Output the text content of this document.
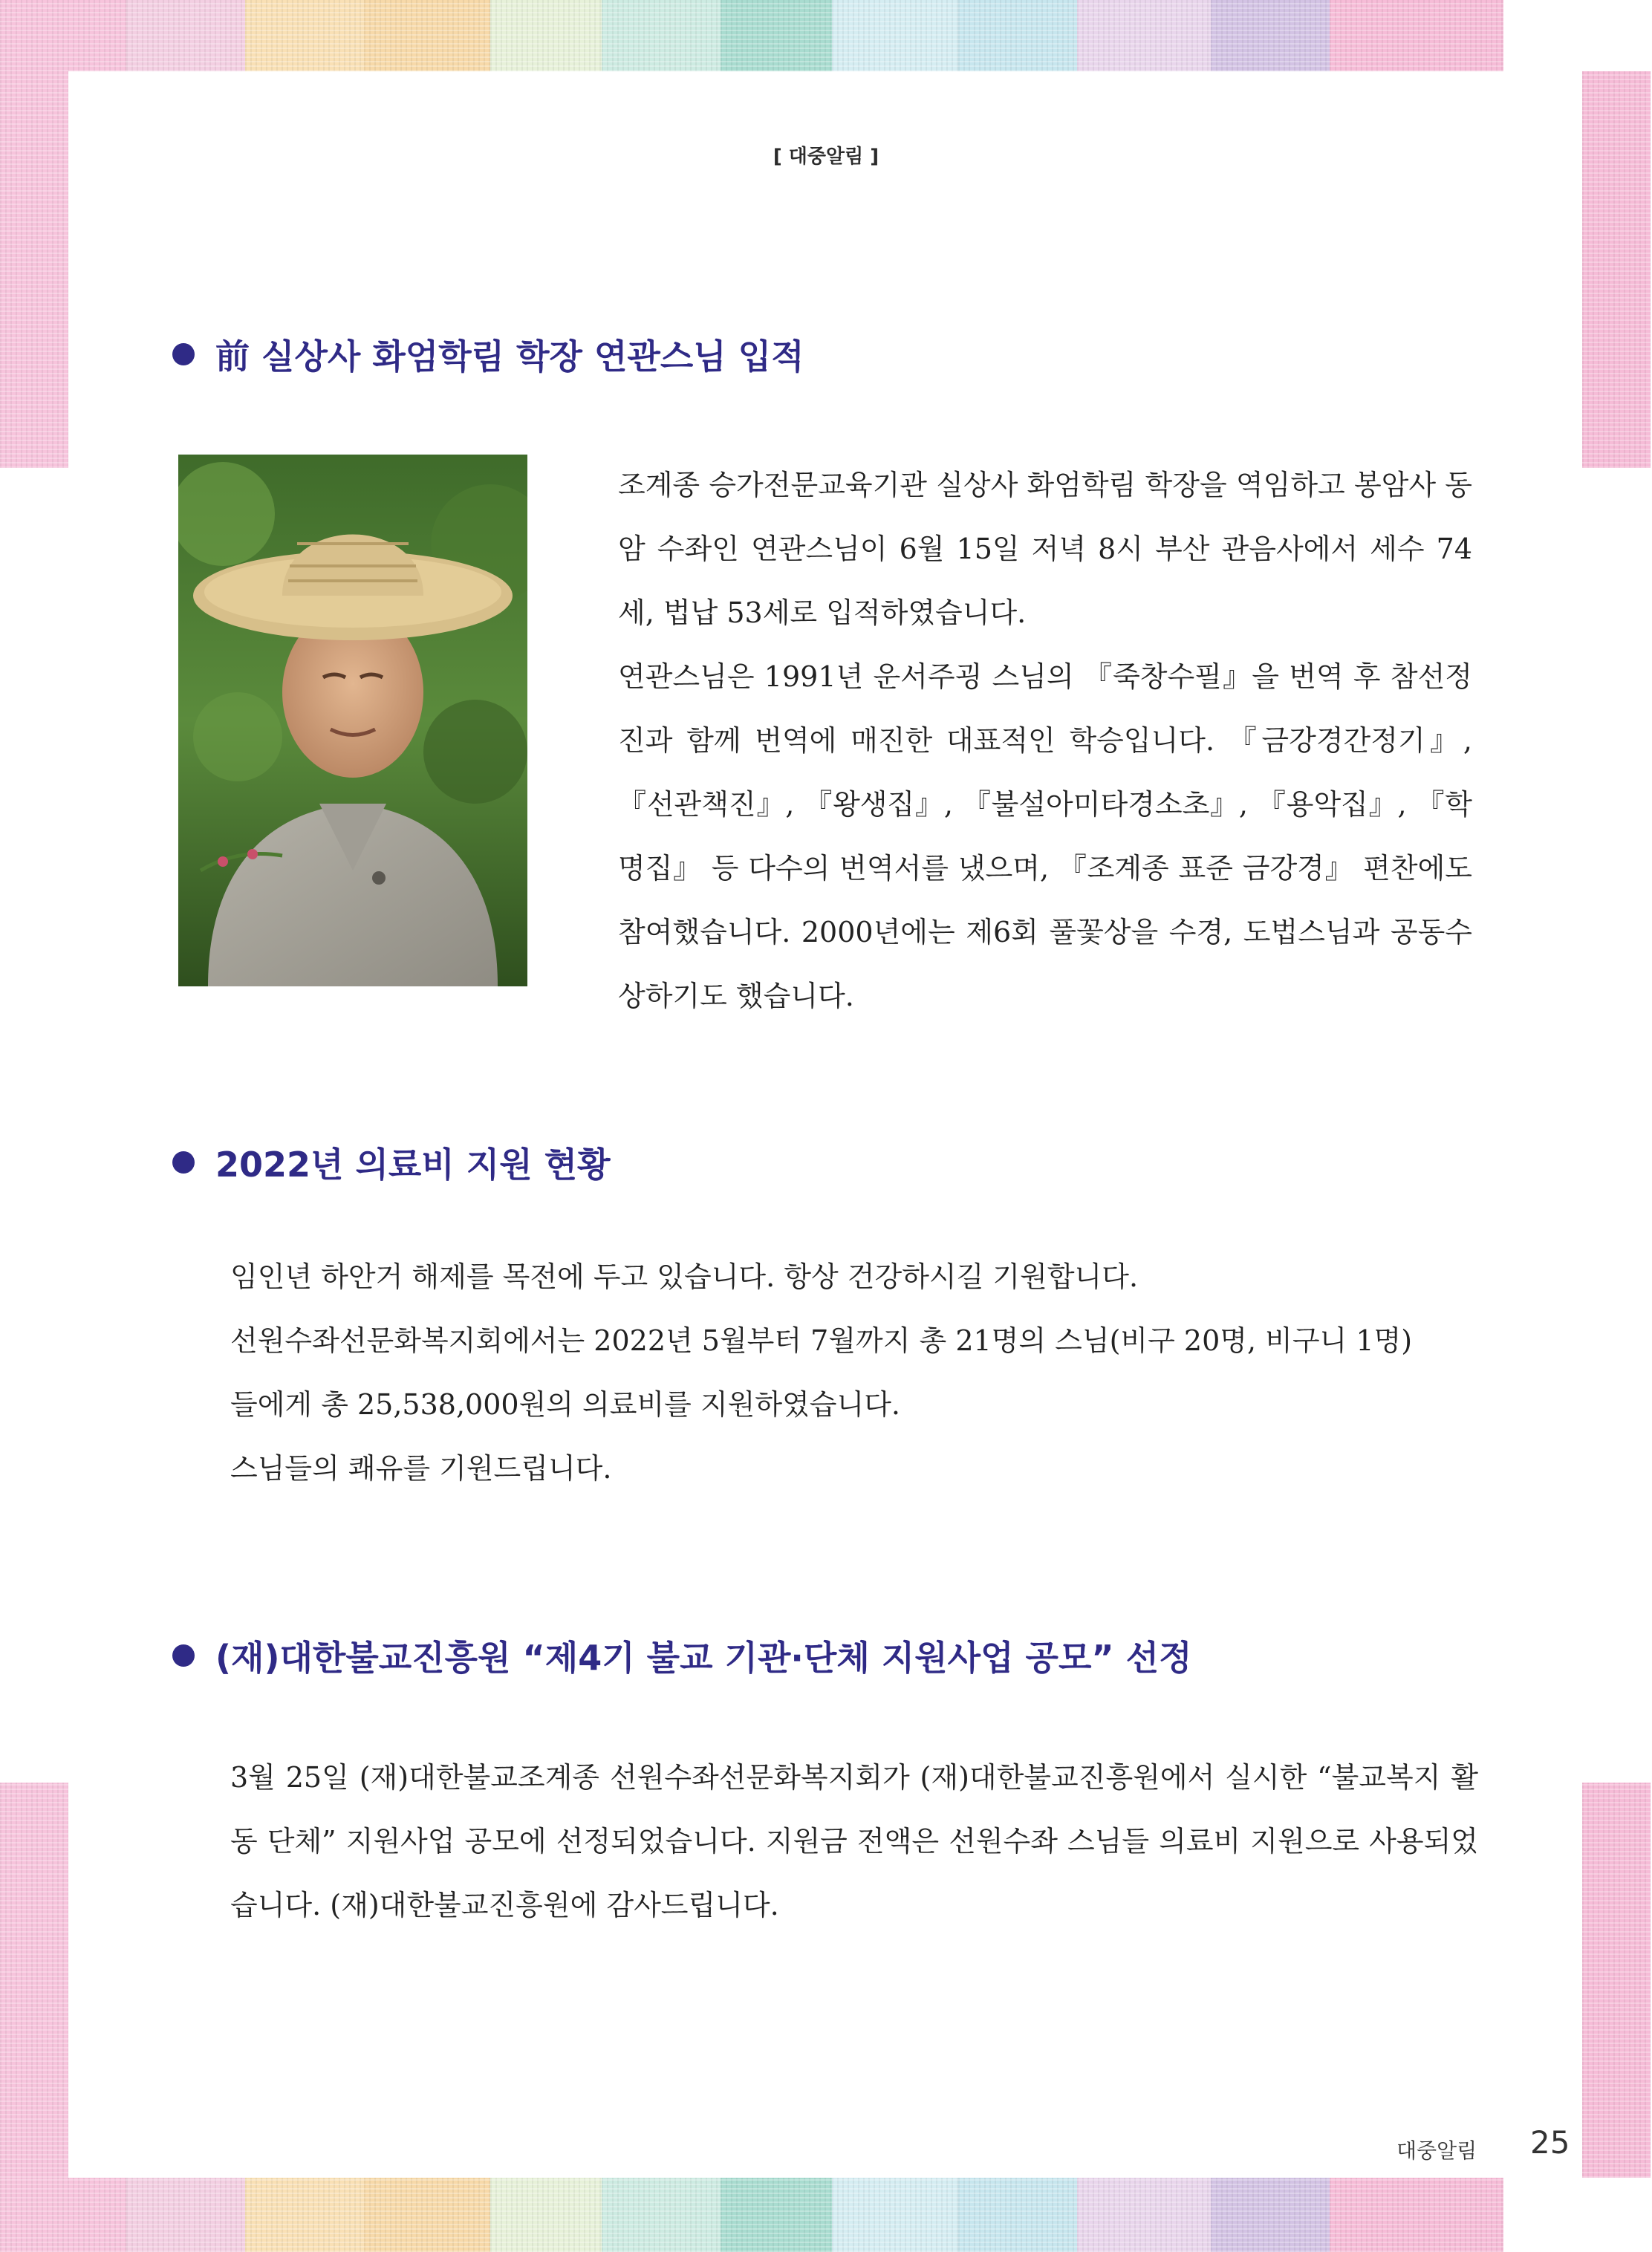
[ 대중알림 ]
前 실상사 화엄학림 학장 연관스님 입적
조계종 승가전문교육기관 실상사 화엄학림 학장을 역임하고 봉암사 동암 수좌인 연관스님이 6월 15일 저녁 8시 부산 관음사에서 세수 74세, 법납 53세로 입적하였습니다.
연관스님은 1991년 운서주굉 스님의 『죽창수필』을 번역 후 참선정진과 함께 번역에 매진한 대표적인 학승입니다. 『금강경간정기』, 『선관책진』, 『왕생집』, 『불설아미타경소초』, 『용악집』, 『학명집』 등 다수의 번역서를 냈으며, 『조계종 표준 금강경』 편찬에도 참여했습니다. 2000년에는 제6회 풀꽃상을 수경, 도법스님과 공동수상하기도 했습니다.
2022년 의료비 지원 현황
임인년 하안거 해제를 목전에 두고 있습니다. 항상 건강하시길 기원합니다.
선원수좌선문화복지회에서는 2022년 5월부터 7월까지 총 21명의 스님(비구 20명, 비구니 1명)
들에게 총 25,538,000원의 의료비를 지원하였습니다.
스님들의 쾌유를 기원드립니다.
(재)대한불교진흥원 “제4기 불교 기관·단체 지원사업 공모” 선정
3월 25일 (재)대한불교조계종 선원수좌선문화복지회가 (재)대한불교진흥원에서 실시한 “불교복지 활동 단체” 지원사업 공모에 선정되었습니다. 지원금 전액은 선원수좌 스님들 의료비 지원으로 사용되었습니다. (재)대한불교진흥원에 감사드립니다.
대중알림 25
